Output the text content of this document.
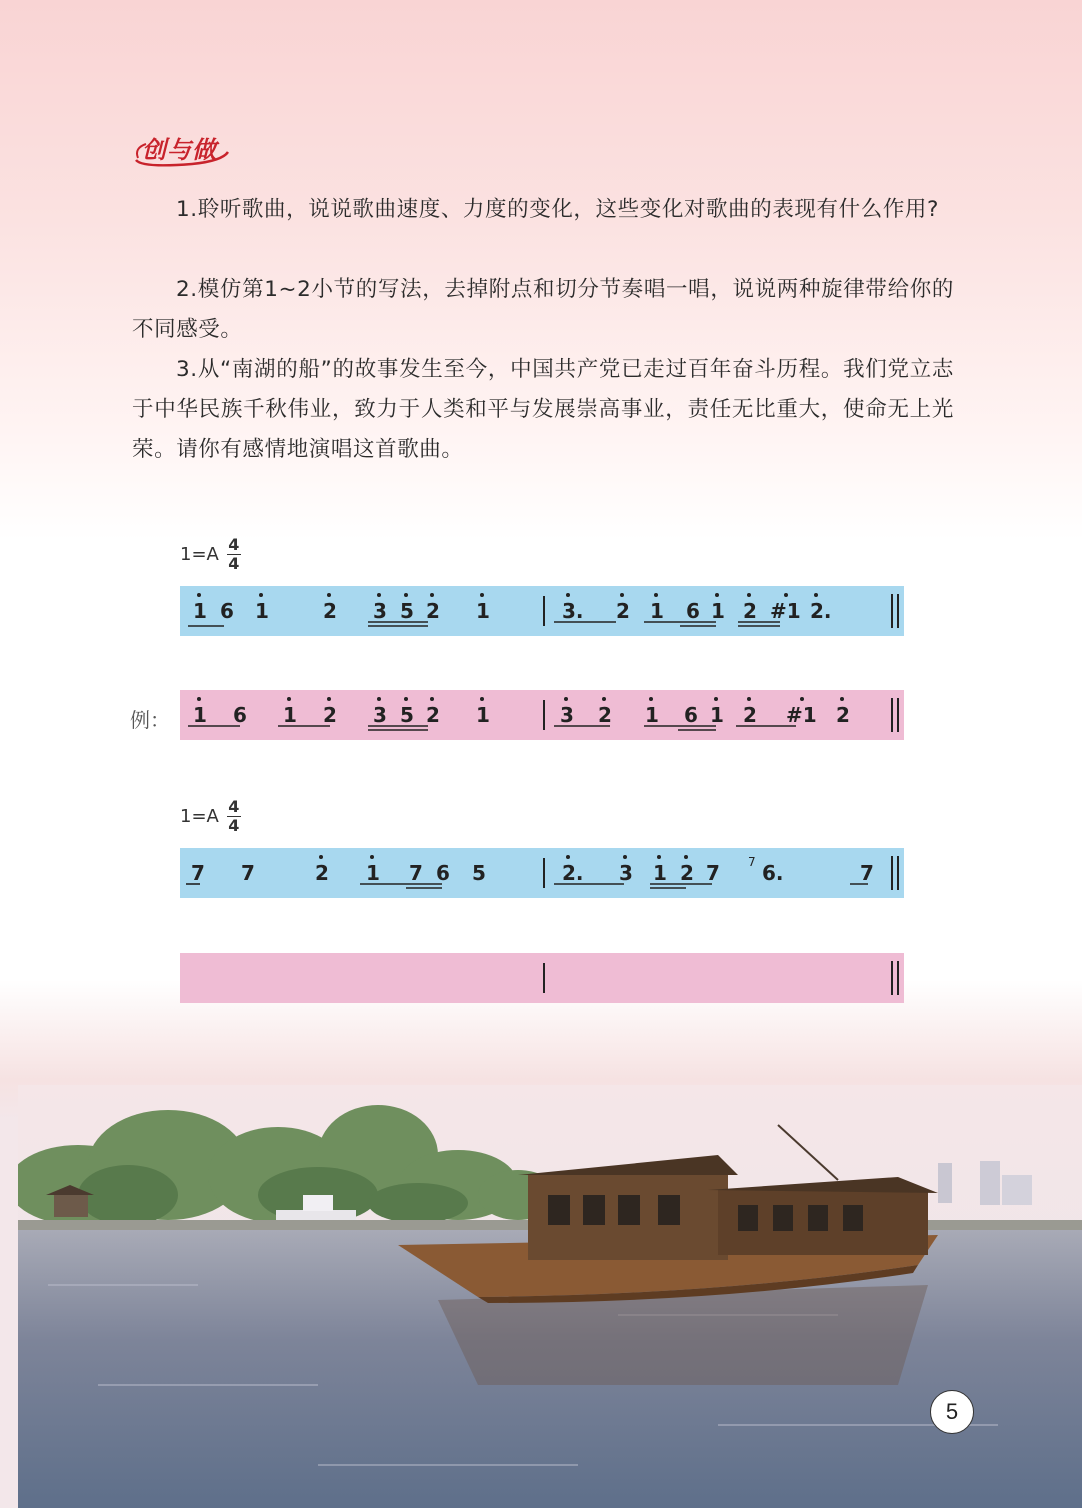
创与做
1.聆听歌曲，说说歌曲速度、力度的变化，这些变化对歌曲的表现有什么作用?
2.模仿第1~2小节的写法，去掉附点和切分节奏唱一唱，说说两种旋律带给你的不同感受。
3.从“南湖的船”的故事发生至今，中国共产党已走过百年奋斗历程。我们党立志于中华民族千秋伟业，致力于人类和平与发展崇高事业，责任无比重大，使命无上光荣。请你有感情地演唱这首歌曲。
$1=A \frac{4}{4}$
1 6 1	2 3 5 2 1	3. 2 1 6 1 2 #1 2.
例： 1 6 1 2 3 5 2 1	3 2 1 6 1 2 #1 2
$1=A \frac{4}{4}$
7 7	2 1 7 6 5	2. 3 1 2 7 6.
7	7
5
